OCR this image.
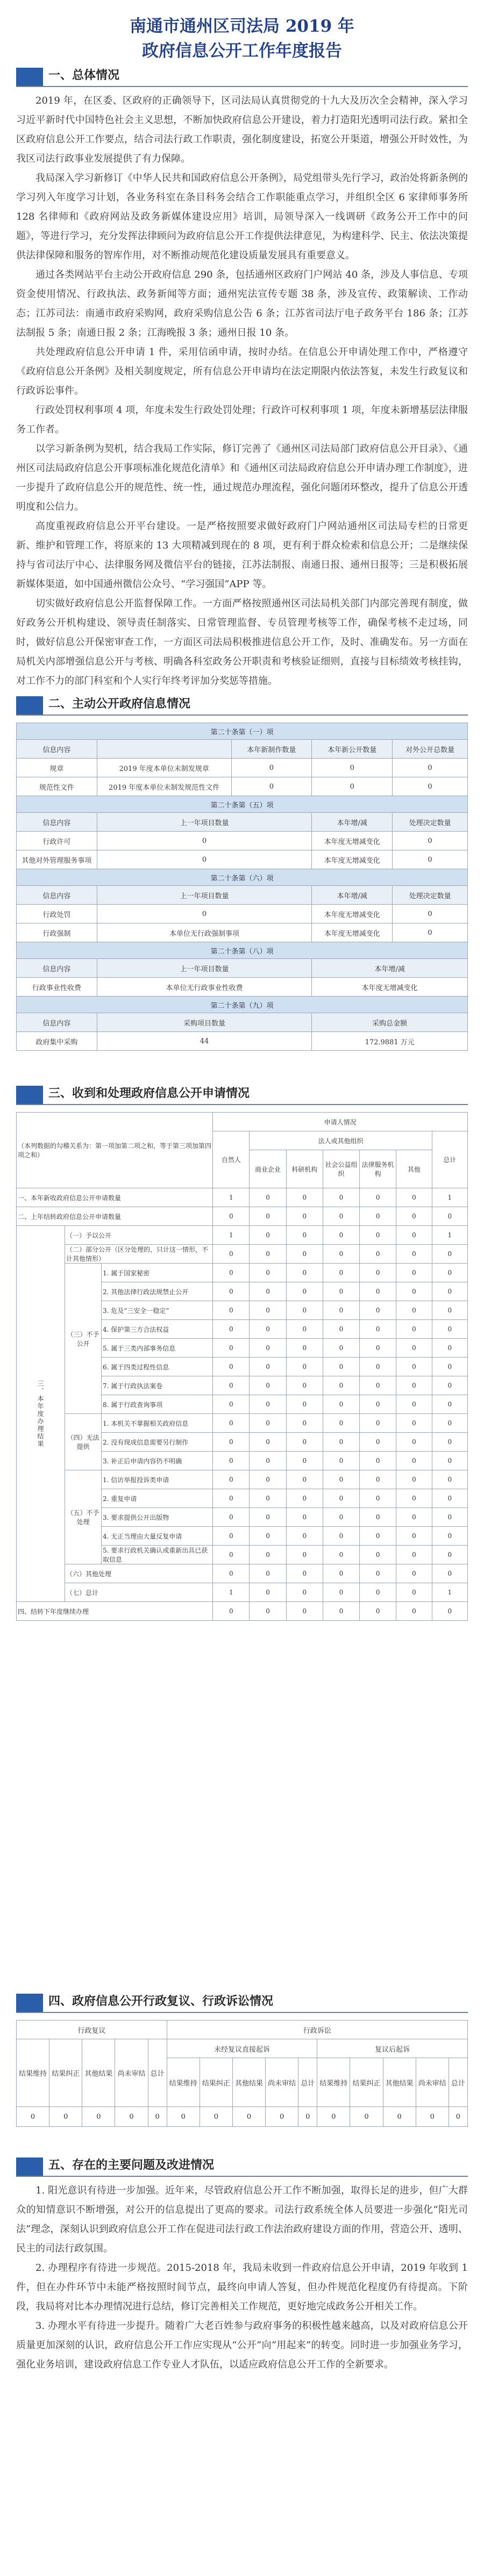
南通市通州区司法局 2019 年
政府信息公开工作年度报告
一、总体情况

2019 年，在区委、区政府的正确领导下，区司法局认真贯彻党的十九大及历次全会精神，深入学习习近平新时代中国特色社会主义思想，不断加快政府信息公开建设，着力打造阳光透明司法行政。紧扣全区政府信息公开工作要点，结合司法行政工作职责，强化制度建设，拓宽公开渠道，增强公开时效性，为我区司法行政事业发展提供了有力保障。

我局深入学习新修订《中华人民共和国政府信息公开条例》，局党组带头先行学习，政治处将新条例的学习列入年度学习计划，各业务科室在条目科务会结合工作职能重点学习，并组织全区 6 家律师事务所 128 名律师和《政府网站及政务新媒体建设应用》培训，局领导深入一线调研《政务公开工作中的问题》，等进行学习，充分发挥法律顾问为政府信息公开工作提供法律意见，为构建科学、民主、依法决策提供法律保障和服务的智库作用，对不断推动规范化建设质量发展具有重要意义。

通过各类网站平台主动公开政府信息 290 条，包括通州区政府门户网站 40 条，涉及人事信息、专项资金使用情况、行政执法、政务新闻等方面；通州宪法宣传专题 38 条，涉及宣传、政策解读、工作动态；江苏司法：南通市政府采购网，政府采购信息公告 6 条；江苏省司法厅电子政务平台 186 条；江苏法制报 5 条；南通日报 2 条；江海晚报 3 条；通州日报 10 条。

共处理政府信息公开申请 1 件，采用信函申请，按时办结。在信息公开申请处理工作中，严格遵守《政府信息公开条例》及相关制度规定，所有信息公开申请均在法定期限内依法答复，未发生行政复议和行政诉讼事件。

行政处罚权利事项 4 项，年度未发生行政处罚处理；行政许可权利事项 1 项，年度未新增基层法律服务工作者。

以学习新条例为契机，结合我局工作实际，修订完善了《通州区司法局部门政府信息公开目录》、《通州区司法局政府信息公开事项标准化规范化清单》和《通州区司法局政府信息公开申请办理工作制度》，进一步提升了政府信息公开的规范性、统一性，通过规范办理流程，强化问题闭环整改，提升了信息公开透明度和公信力。

高度重视政府信息公开平台建设。一是严格按照要求做好政府门户网站通州区司法局专栏的日常更新、维护和管理工作，将原来的 13 大项精减到现在的 8 项，更有利于群众检索和信息公开；二是继续保持与省司法厅中心、法律服务网及微信平台的链接，江苏法制报、南通日报、通州日报等；三是积极拓展新媒体渠道，如中国通州微信公众号、“学习强国”APP 等。

切实做好政府信息公开监督保障工作。一方面严格按照通州区司法局机关部门内部完善现有制度，做好政务公开机构建设、领导责任制落实、日常管理监督、专员管理考核等工作，确保考核不走过场，同时，做好信息公开保密审查工作，一方面区司法局积极推进信息公开工作，及时、准确发布。另一方面在局机关内部增强信息公开与考核、明确各科室政务公开职责和考核验证细则，直接与目标绩效考核挂钩，对工作不力的部门科室和个人实行年终考评加分奖惩等措施。

二、主动公开政府信息情况
第二十条第（一）项				
信息内容		本年新制作数量	本年新公开数量	对外公开总数量
规章	2019 年度本单位未制发规章	0	0	0
规范性文件	2019 年度本单位未制发规范性文件	0	0	0
第二十条第（五）项				
信息内容	上一年项目数量		本年增/减	处理决定数量
行政许可	0		本年度无增减变化	0
其他对外管理服务事项	0		本年度无增减变化	0
第二十条第（六）项				
信息内容	上一年项目数量		本年增/减	处理决定数量
行政处罚	0		本年度无增减变化	0
行政强制	本单位无行政强制事项		本年度无增减变化	0
第二十条第（八）项				
信息内容	上一年项目数量		本年增/减	
行政事业性收费	本单位无行政事业性收费		本年度无增减变化	
第二十条第（九）项				
信息内容	采购项目数量		采购总金额	
政府集中采购	44		172.9881 万元	
三、收到和处理政府信息公开申请情况
（本列数据的勾稽关系为：第一项加第二项之和，等于第三项加第四项之和）			申请人情况						
			自然人	法人或其他组织					总计
				商业企业	科研机构	社会公益组织	法律服务机构	其他	
一、本年新收政府信息公开申请数量			1	0	0	0	0	0	1
二、上年结转政府信息公开申请数量			0	0	0	0	0	0	0
三、本年度办理结果	（一）予以公开		1	0	0	0	0	0	1
	（二）部分公开（区分处理的，只计这一情形，不计其他情形）		0	0	0	0	0	0	0
	（三）不予公开	1. 属于国家秘密	0	0	0	0	0	0	0
		2. 其他法律行政法规禁止公开	0	0	0	0	0	0	0
		3. 危及“三安全一稳定”	0	0	0	0	0	0	0
		4. 保护第三方合法权益	0	0	0	0	0	0	0
		5. 属于三类内部事务信息	0	0	0	0	0	0	0
		6. 属于四类过程性信息	0	0	0	0	0	0	0
		7. 属于行政执法案卷	0	0	0	0	0	0	0
		8. 属于行政查询事项	0	0	0	0	0	0	0
	（四）无法提供	1. 本机关不掌握相关政府信息	0	0	0	0	0	0	0
		2. 没有现成信息需要另行制作	0	0	0	0	0	0	0
		3. 补正后申请内容仍不明确	0	0	0	0	0	0	0
	（五）不予处理	1. 信访举报投诉类申请	0	0	0	0	0	0	0
		2. 重复申请	0	0	0	0	0	0	0
		3. 要求提供公开出版物	0	0	0	0	0	0	0
		4. 无正当理由大量反复申请	0	0	0	0	0	0	0
		5. 要求行政机关确认或重新出具已获取信息	0	0	0	0	0	0	0
	（六）其他处理		0	0	0	0	0	0	0
	（七）总计		1	0	0	0	0	0	1
四、结转下年度继续办理			0	0	0	0	0	0	0
四、政府信息公开行政复议、行政诉讼情况
行政复议					行政诉讼									
结果维持	结果纠正	其他结果	尚未审结	总计	未经复议直接起诉					复议后起诉				
					结果维持	结果纠正	其他结果	尚未审结	总计	结果维持	结果纠正	其他结果	尚未审结	总计
0	0	0	0	0	0	0	0	0	0	0	0	0	0	0
五、存在的主要问题及改进情况

1. 阳光意识有待进一步加强。近年来，尽管政府信息公开工作不断加强，取得长足的进步，但广大群众的知情意识不断增强，对公开的信息提出了更高的要求。司法行政系统全体人员要进一步强化“阳光司法”理念，深刻认识到政府信息公开工作在促进司法行政工作法治政府建设方面的作用，营造公开、透明、民主的司法行政氛围。

2. 办理程序有待进一步规范。2015-2018 年，我局未收到一件政府信息公开申请，2019 年收到 1 件，但在办件环节中未能严格按照时间节点，最终向申请人答复，但办件规范化程度仍有待提高。下阶段，我局将对比本办理情况进行总结，修订完善相关工作规范，更好地完成政务公开相关工作。

3. 办理水平有待进一步提升。随着广大老百姓参与政府事务的积极性越来越高，以及对政府信息公开质量更加深刻的认识，政府信息公开工作应实现从“公开”向“用起来”的转变。同时进一步加强业务学习，强化业务培训，建设政府信息工作专业人才队伍，以适应政府信息公开工作的全新要求。
